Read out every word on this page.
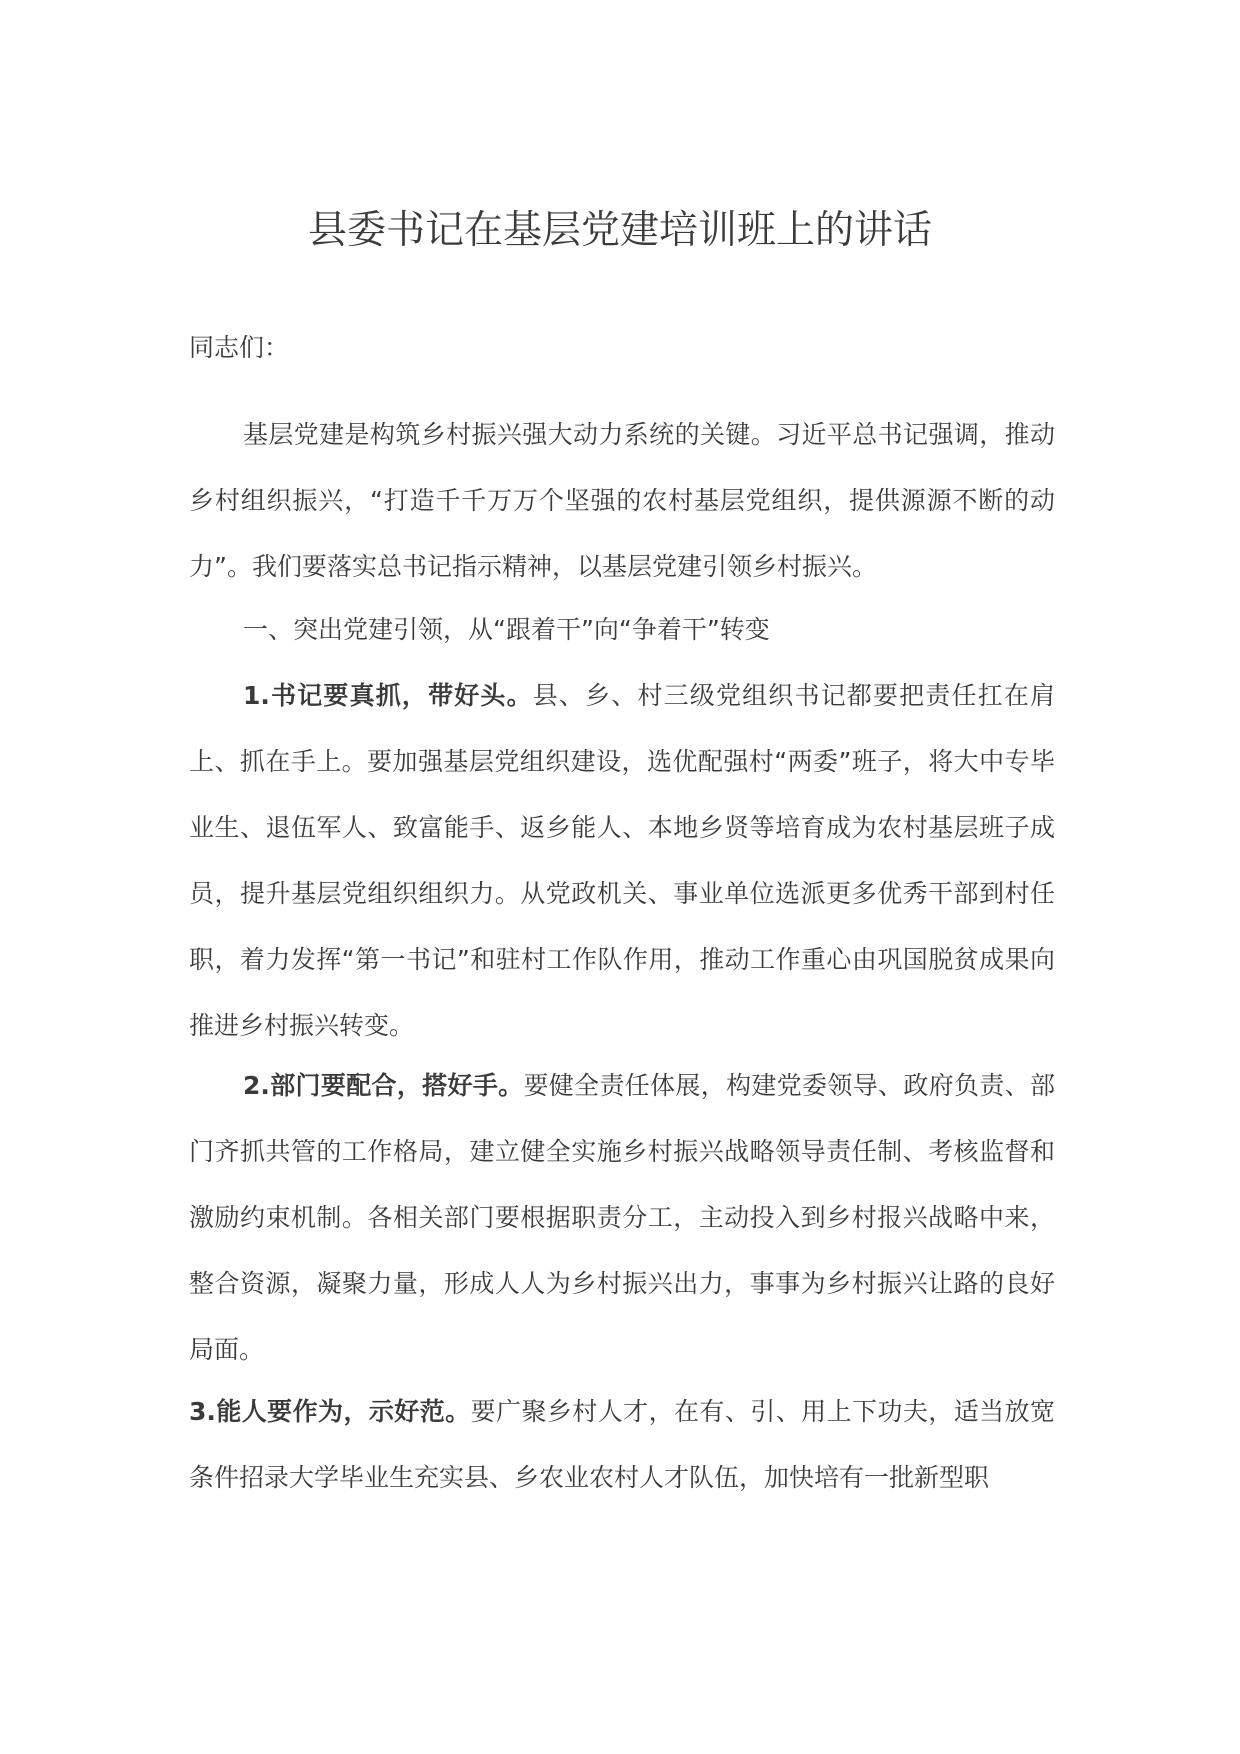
县委书记在基层党建培训班上的讲话

同志们：

基层党建是构筑乡村振兴强大动力系统的关键。习近平总书记强调，推动乡村组织振兴，“打造千千万万个坚强的农村基层党组织，提供源源不断的动力”。我们要落实总书记指示精神，以基层党建引领乡村振兴。

一、突出党建引领，从“跟着干”向“争着干”转变

1.书记要真抓，带好头。县、乡、村三级党组织书记都要把责任扛在肩上、抓在手上。要加强基层党组织建设，选优配强村“两委”班子，将大中专毕业生、退伍军人、致富能手、返乡能人、本地乡贤等培育成为农村基层班子成员，提升基层党组织组织力。从党政机关、事业单位选派更多优秀干部到村任职，着力发挥“第一书记”和驻村工作队作用，推动工作重心由巩国脱贫成果向推进乡村振兴转变。

2.部门要配合，搭好手。要健全责任体展，构建党委领导、政府负责、部门齐抓共管的工作格局，建立健全实施乡村振兴战略领导责任制、考核监督和激励约束机制。各相关部门要根据职责分工，主动投入到乡村报兴战略中来，整合资源，凝聚力量，形成人人为乡村振兴出力，事事为乡村振兴让路的良好局面。

3.能人要作为，示好范。要广聚乡村人才，在有、引、用上下功夫，适当放宽条件招录大学毕业生充实县、乡农业农村人才队伍，加快培有一批新型职
